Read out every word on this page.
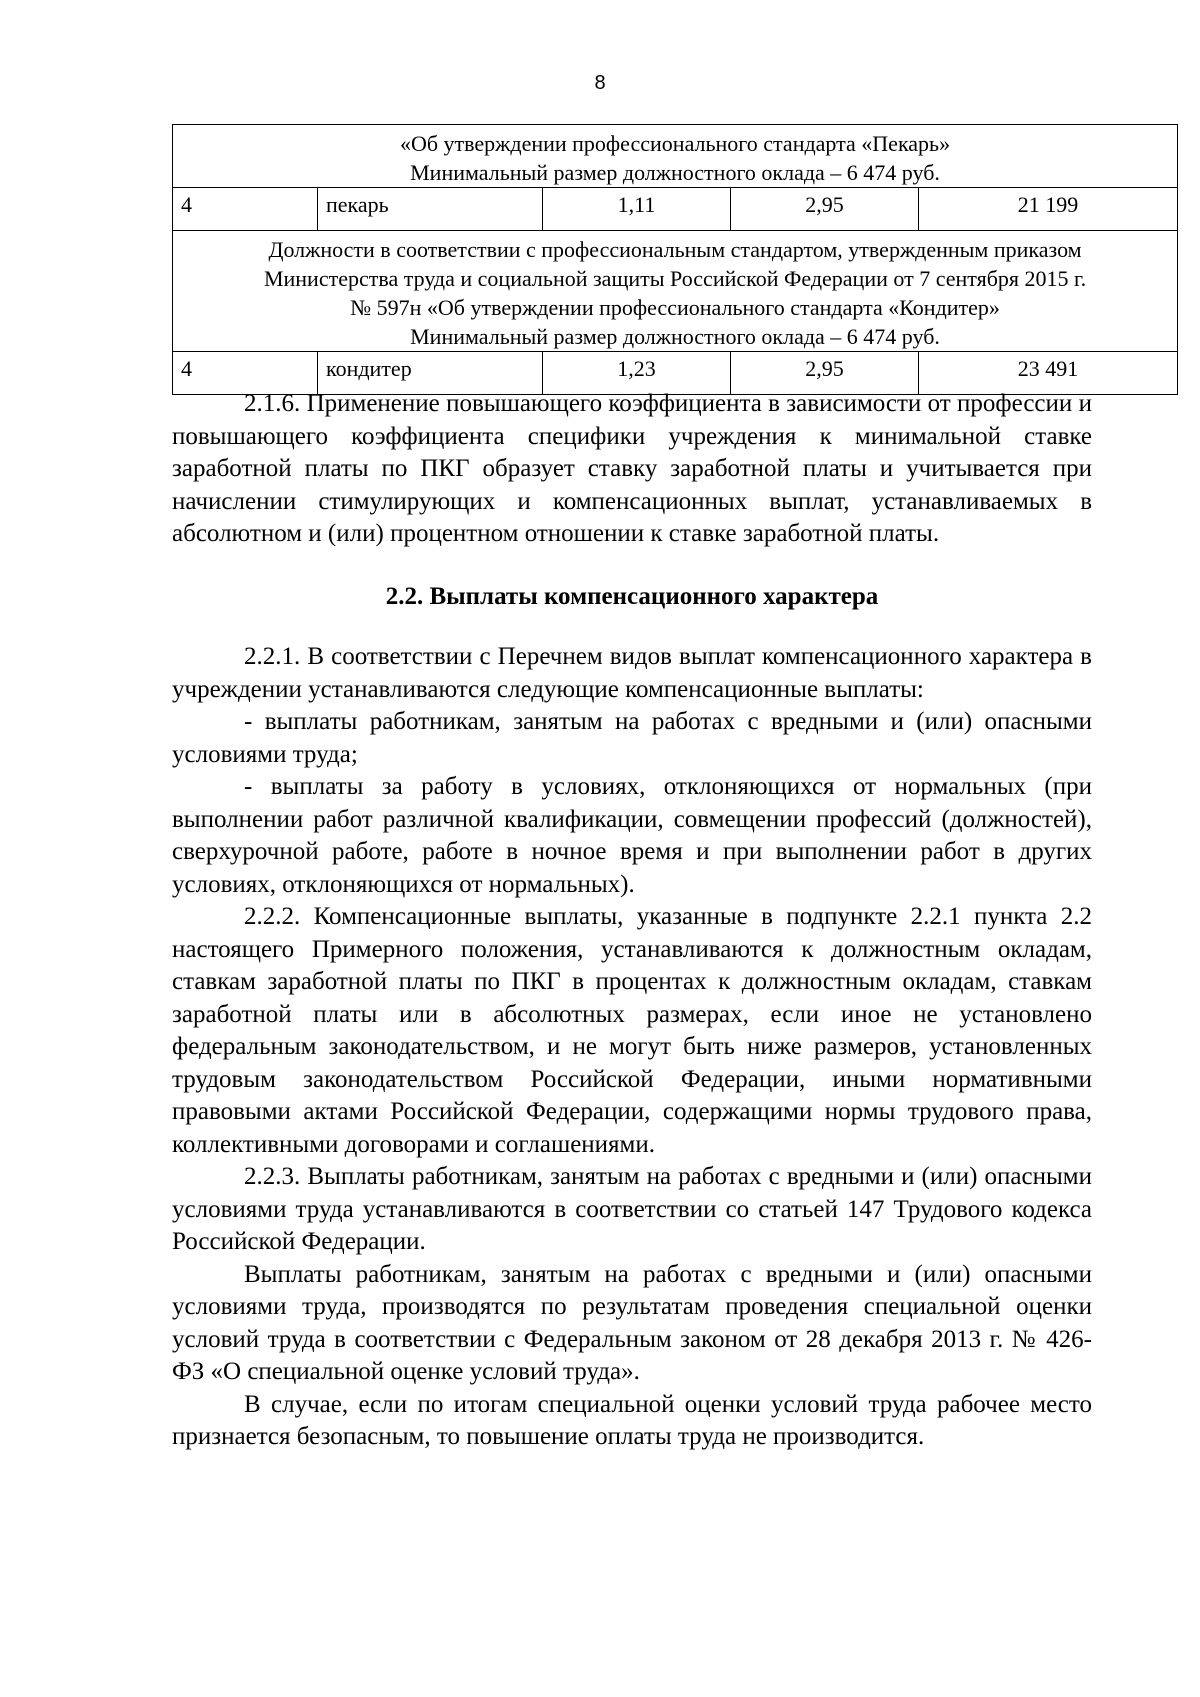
8
«Об утверждении профессионального стандарта «Пекарь»
Минимальный размер должностного оклада – 6 474 руб.				

4	пекарь	1,11	2,95	21 199

Должности в соответствии с профессиональным стандартом, утвержденным приказом
Министерства труда и социальной защиты Российской Федерации от 7 сентября 2015 г.
№ 597н «Об утверждении профессионального стандарта «Кондитер»
Минимальный размер должностного оклада – 6 474 руб.				

4	кондитер	1,23	2,95	23 491

2.1.6. Применение повышающего коэффициента в зависимости от профессии и повышающего коэффициента специфики учреждения к минимальной ставке заработной платы по ПКГ образует ставку заработной платы и учитывается при начислении стимулирующих и компенсационных выплат, устанавливаемых в абсолютном и (или) процентном отношении к ставке заработной платы.

2.2. Выплаты компенсационного характера

2.2.1. В соответствии с Перечнем видов выплат компенсационного характера в учреждении устанавливаются следующие компенсационные выплаты:

- выплаты работникам, занятым на работах с вредными и (или) опасными условиями труда;

- выплаты за работу в условиях, отклоняющихся от нормальных (при выполнении работ различной квалификации, совмещении профессий (должностей), сверхурочной работе, работе в ночное время и при выполнении работ в других условиях, отклоняющихся от нормальных).

2.2.2. Компенсационные выплаты, указанные в подпункте 2.2.1 пункта 2.2 настоящего Примерного положения, устанавливаются к должностным окладам, ставкам заработной платы по ПКГ в процентах к должностным окладам, ставкам заработной платы или в абсолютных размерах, если иное не установлено федеральным законодательством, и не могут быть ниже размеров, установленных трудовым законодательством Российской Федерации, иными нормативными правовыми актами Российской Федерации, содержащими нормы трудового права, коллективными договорами и соглашениями.

2.2.3. Выплаты работникам, занятым на работах с вредными и (или) опасными условиями труда устанавливаются в соответствии со статьей 147 Трудового кодекса Российской Федерации.

Выплаты работникам, занятым на работах с вредными и (или) опасными условиями труда, производятся по результатам проведения специальной оценки условий труда в соответствии с Федеральным законом от 28 декабря 2013 г. № 426-ФЗ «О специальной оценке условий труда».

В случае, если по итогам специальной оценки условий труда рабочее место признается безопасным, то повышение оплаты труда не производится.
